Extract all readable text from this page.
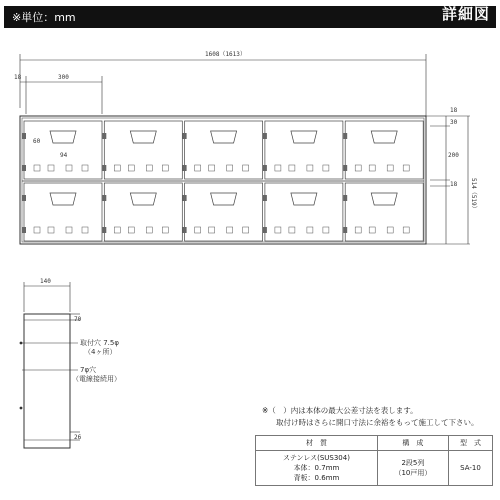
※単位：mm	詳細図
1608（1613）
18	300
60
94
18
30
200
18 514（519）
140
70
26
取付穴 7.5φ
（4ヶ所）
7φ穴
（電線接続用）
※（　）内は本体の最大公差寸法を表します。
取付け時はさらに開口寸法に余裕をもって施工して下さい。
材　質	構　成	型　式

ステンレス(SUS304)
本体：0.7mm
背板：0.6mm	2段5列
（10戸用）	SA-10
